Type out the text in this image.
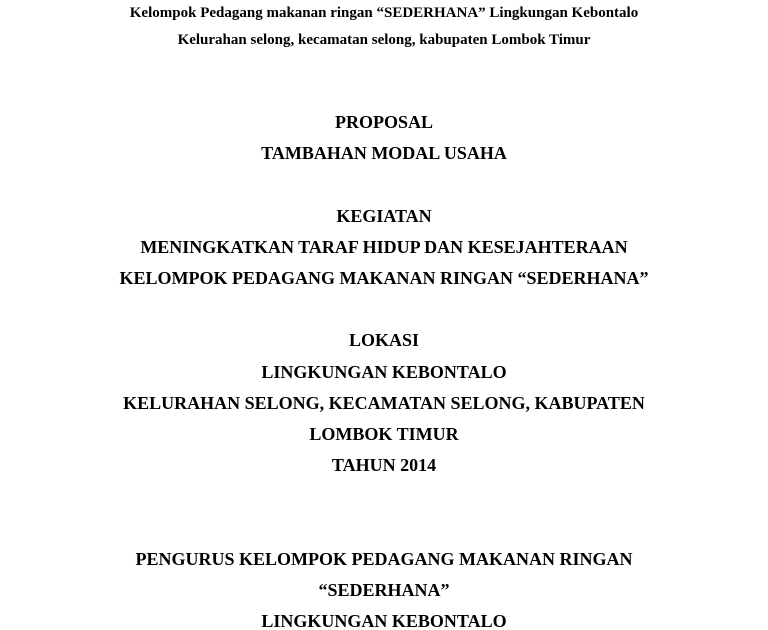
Kelompok Pedagang makanan ringan “SEDERHANA” Lingkungan Kebontalo
Kelurahan selong, kecamatan selong, kabupaten Lombok Timur
PROPOSAL
TAMBAHAN MODAL USAHA
KEGIATAN
MENINGKATKAN TARAF HIDUP DAN KESEJAHTERAAN
KELOMPOK PEDAGANG MAKANAN RINGAN “SEDERHANA”
LOKASI
LINGKUNGAN KEBONTALO
KELURAHAN SELONG, KECAMATAN SELONG, KABUPATEN
LOMBOK TIMUR
TAHUN 2014
PENGURUS KELOMPOK PEDAGANG MAKANAN RINGAN
“SEDERHANA”
LINGKUNGAN KEBONTALO
